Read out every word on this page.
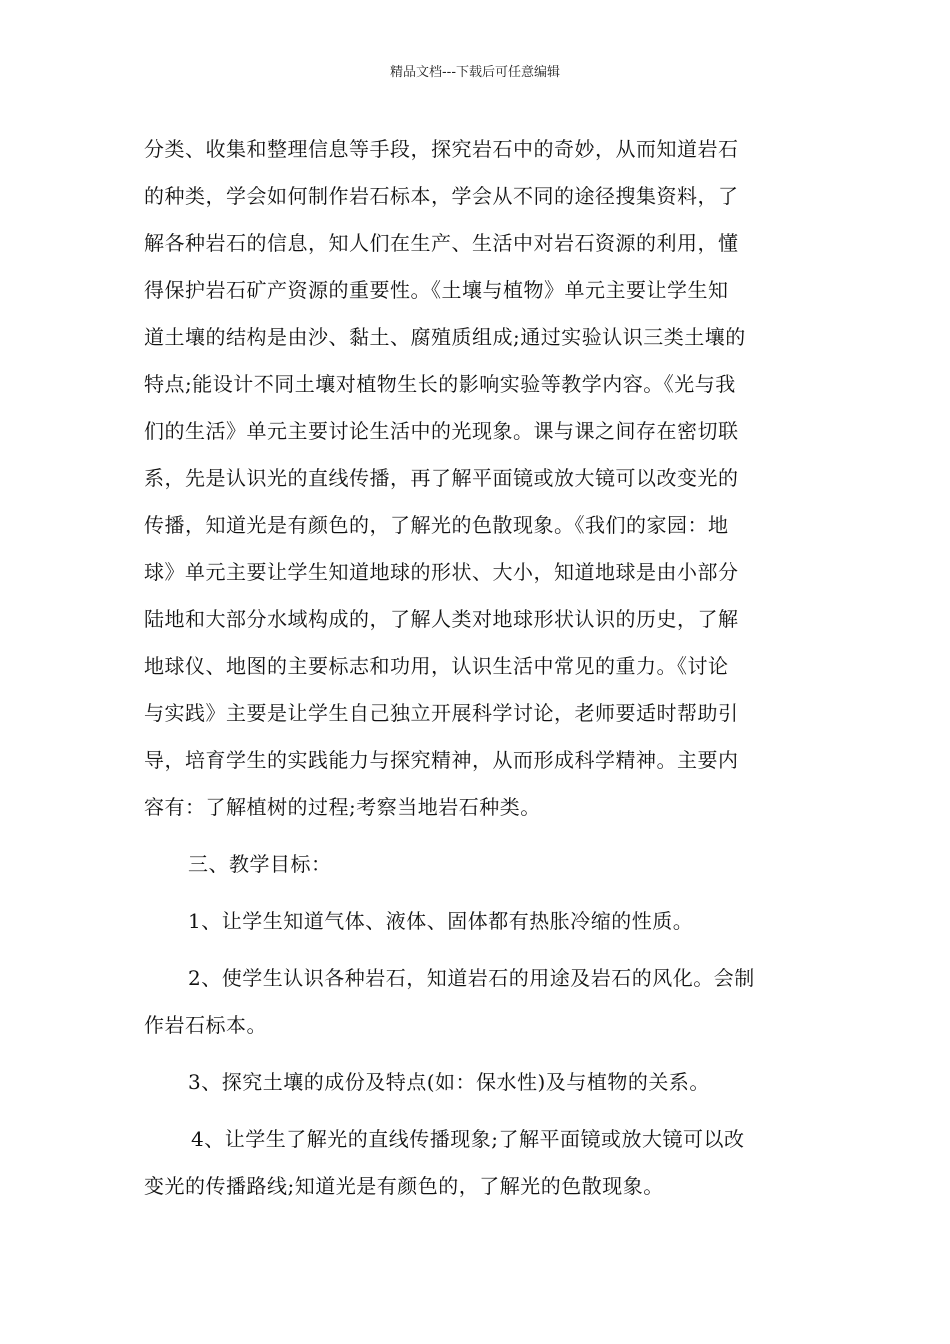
精品文档---下载后可任意编辑
分类、收集和整理信息等手段，探究岩石中的奇妙，从而知道岩石
的种类，学会如何制作岩石标本，学会从不同的途径搜集资料，了
解各种岩石的信息，知人们在生产、生活中对岩石资源的利用，懂
得保护岩石矿产资源的重要性。《土壤与植物》单元主要让学生知
道土壤的结构是由沙、黏土、腐殖质组成;通过实验认识三类土壤的
特点;能设计不同土壤对植物生长的影响实验等教学内容。《光与我
们的生活》单元主要讨论生活中的光现象。课与课之间存在密切联
系，先是认识光的直线传播，再了解平面镜或放大镜可以改变光的
传播，知道光是有颜色的，了解光的色散现象。《我们的家园：地
球》单元主要让学生知道地球的形状、大小，知道地球是由小部分
陆地和大部分水域构成的，了解人类对地球形状认识的历史，了解
地球仪、地图的主要标志和功用，认识生活中常见的重力。《讨论
与实践》主要是让学生自己独立开展科学讨论，老师要适时帮助引
导，培育学生的实践能力与探究精神，从而形成科学精神。主要内
容有：了解植树的过程;考察当地岩石种类。
三、教学目标：
1、让学生知道气体、液体、固体都有热胀冷缩的性质。
2、使学生认识各种岩石，知道岩石的用途及岩石的风化。会制
作岩石标本。
3、探究土壤的成份及特点(如：保水性)及与植物的关系。
4、让学生了解光的直线传播现象;了解平面镜或放大镜可以改
变光的传播路线;知道光是有颜色的，了解光的色散现象。
